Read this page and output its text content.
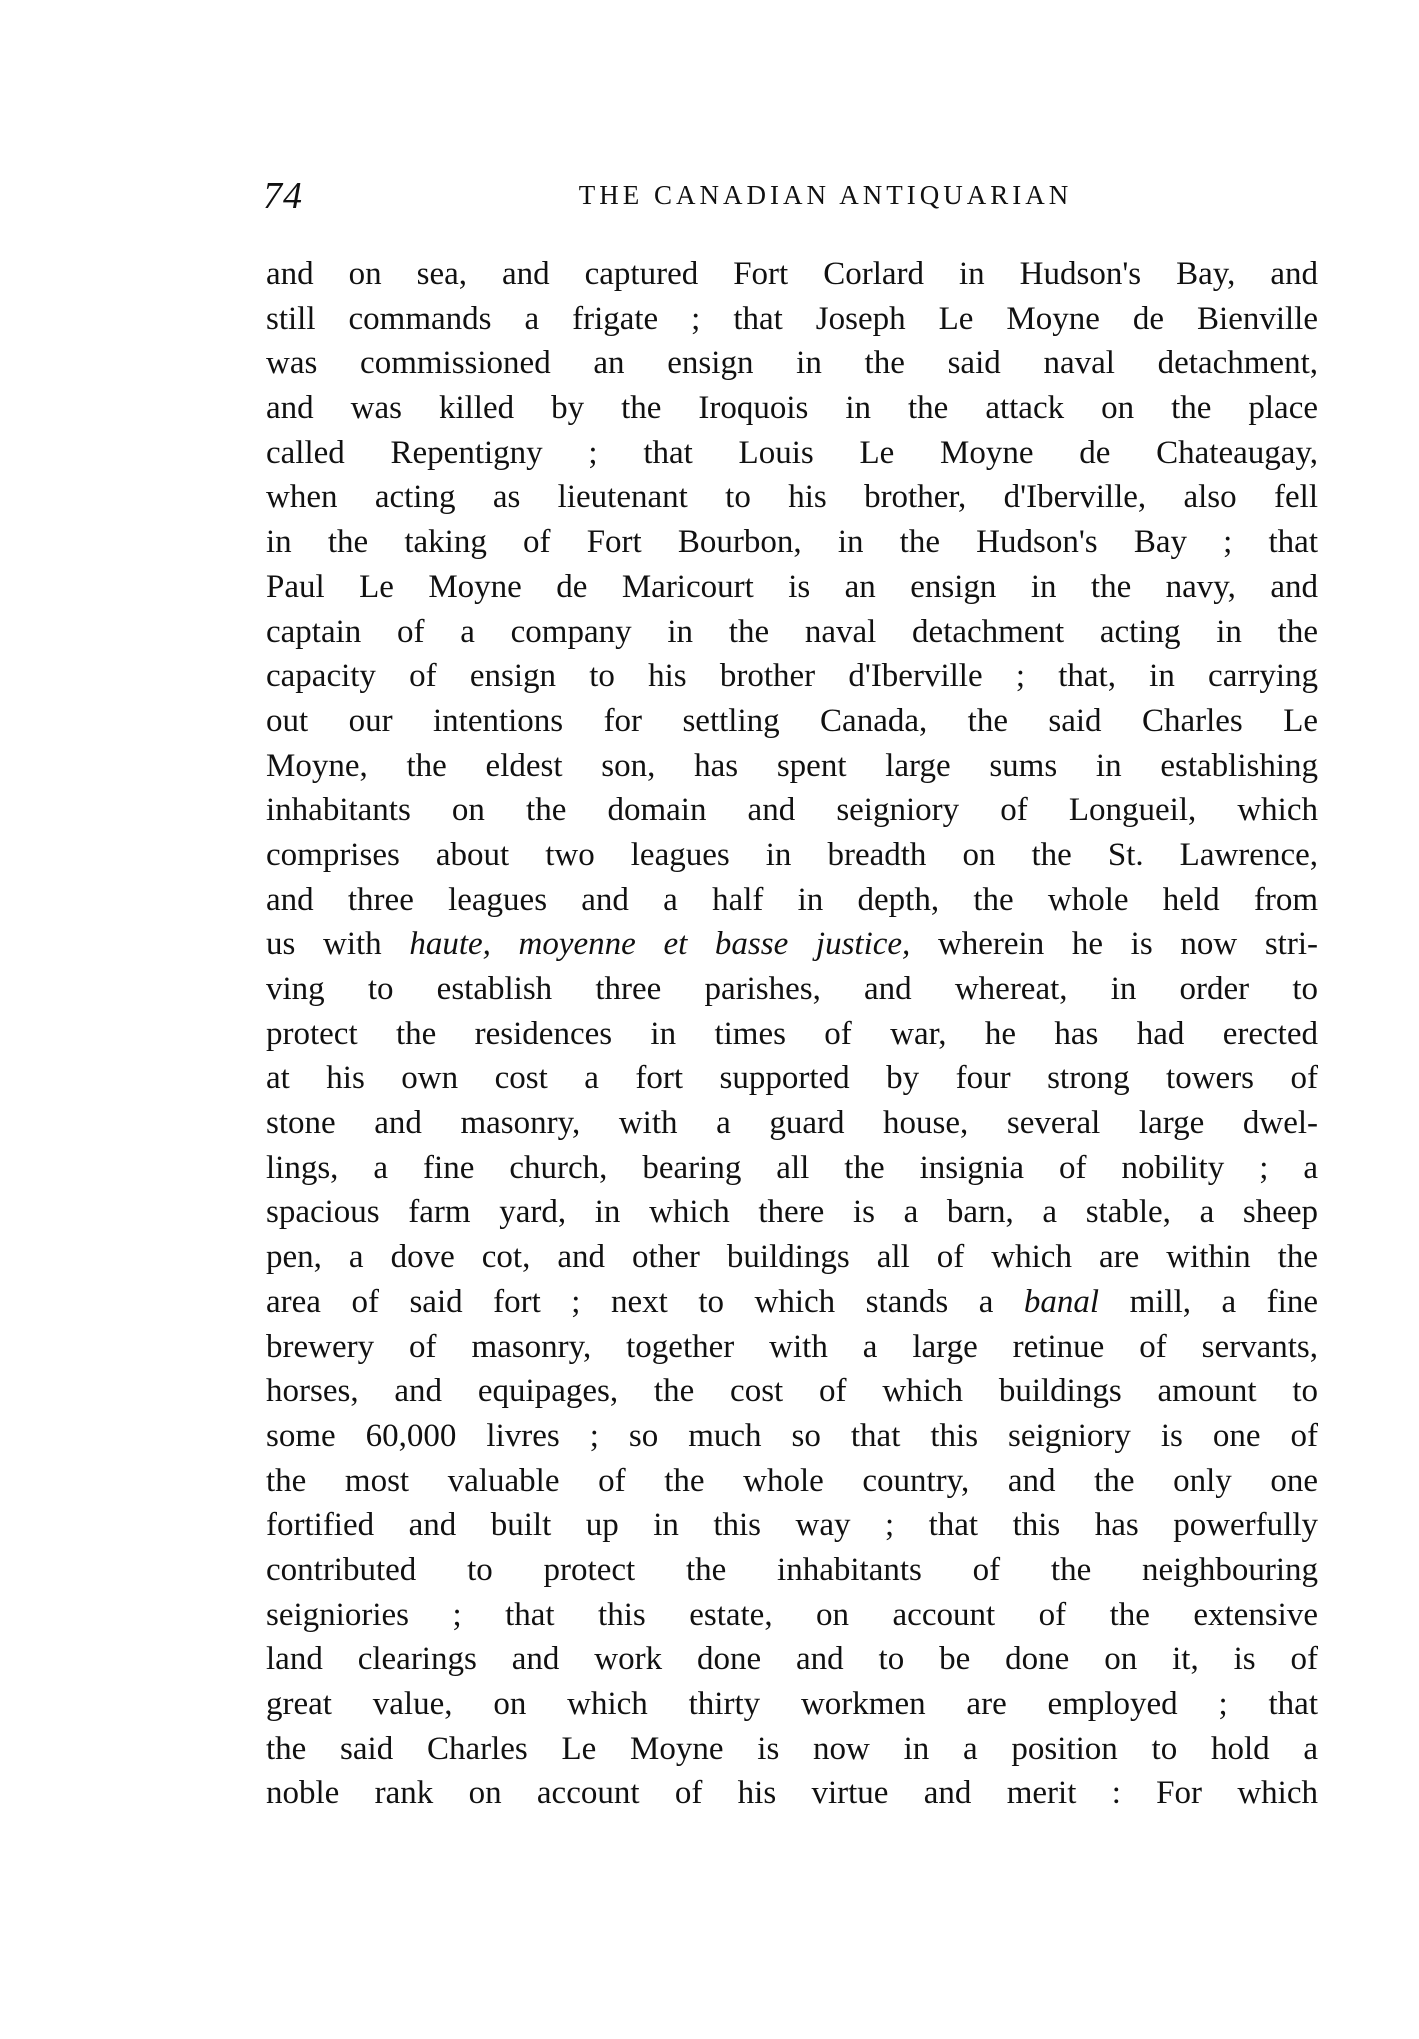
74	THE CANADIAN ANTIQUARIAN
and on sea, and captured Fort Corlard in Hudson's Bay, and
still commands a frigate ; that Joseph Le Moyne de Bienville
was commissioned an ensign in the said naval detachment,
and was killed by the Iroquois in the attack on the place
called Repentigny ; that Louis Le Moyne de Chateaugay,
when acting as lieutenant to his brother, d'Iberville, also fell
in the taking of Fort Bourbon, in the Hudson's Bay ; that
Paul Le Moyne de Maricourt is an ensign in the navy, and
captain of a company in the naval detachment acting in the
capacity of ensign to his brother d'Iberville ; that, in carrying
out our intentions for settling Canada, the said Charles Le
Moyne, the eldest son, has spent large sums in establishing
inhabitants on the domain and seigniory of Longueil, which
comprises about two leagues in breadth on the St. Lawrence,
and three leagues and a half in depth, the whole held from
us with haute, moyenne et basse justice, wherein he is now stri-
ving to establish three parishes, and whereat, in order to
protect the residences in times of war, he has had erected
at his own cost a fort supported by four strong towers of
stone and masonry, with a guard house, several large dwel-
lings, a fine church, bearing all the insignia of nobility ; a
spacious farm yard, in which there is a barn, a stable, a sheep
pen, a dove cot, and other buildings all of which are within the
area of said fort ; next to which stands a banal mill, a fine
brewery of masonry, together with a large retinue of servants,
horses, and equipages, the cost of which buildings amount to
some 60,000 livres ; so much so that this seigniory is one of
the most valuable of the whole country, and the only one
fortified and built up in this way ; that this has powerfully
contributed to protect the inhabitants of the neighbouring
seigniories ; that this estate, on account of the extensive
land clearings and work done and to be done on it, is of
great value, on which thirty workmen are employed ; that
the said Charles Le Moyne is now in a position to hold a
noble rank on account of his virtue and merit : For which
